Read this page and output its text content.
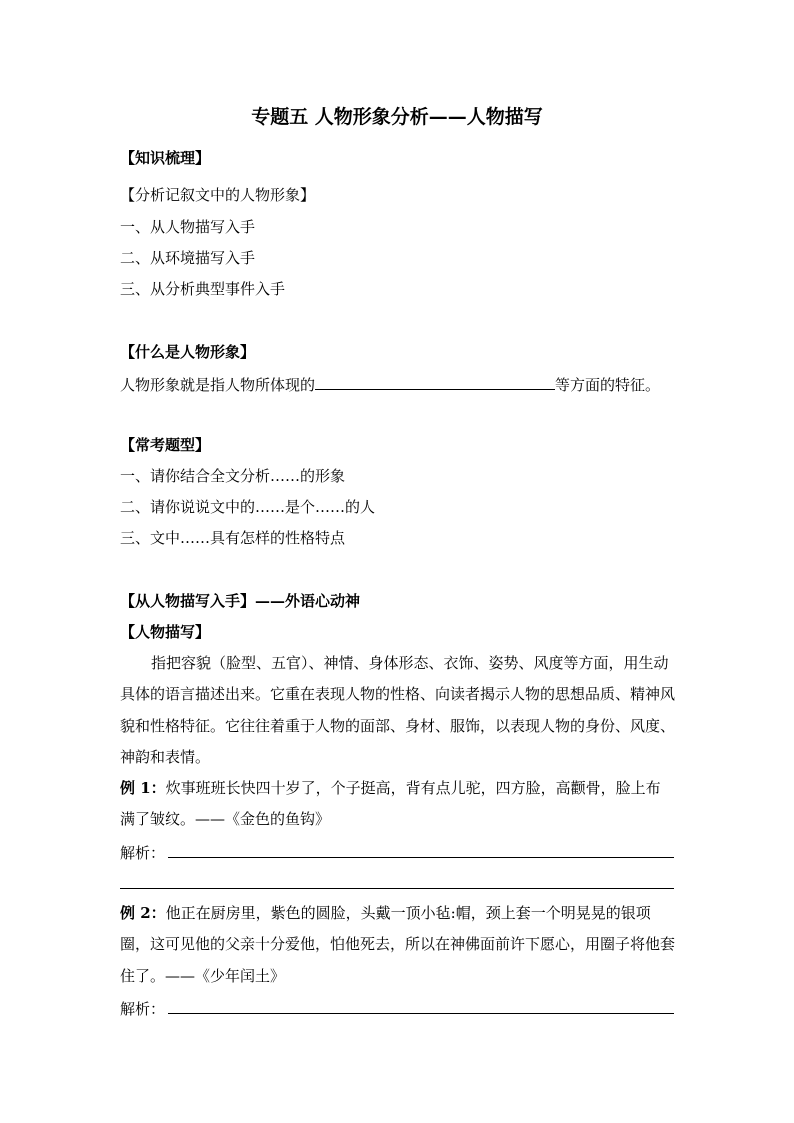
专题五 人物形象分析——人物描写
【知识梳理】
【分析记叙文中的人物形象】
一、从人物描写入手
二、从环境描写入手
三、从分析典型事件入手
【什么是人物形象】
人物形象就是指人物所体现的	等方面的特征。
【常考题型】
一、请你结合全文分析……的形象
二、请你说说文中的……是个……的人
三、文中……具有怎样的性格特点
【从人物描写入手】——外语心动神
【人物描写】
指把容貌（脸型、五官）、神情、身体形态、衣饰、姿势、风度等方面，用生动具体的语言描述出来。它重在表现人物的性格、向读者揭示人物的思想品质、精神风貌和性格特征。它往往着重于人物的面部、身材、服饰，以表现人物的身份、风度、神韵和表情。
例 1：炊事班班长快四十岁了，个子挺高，背有点儿驼，四方脸，高颧骨，脸上布满了皱纹。——《金色的鱼钩》
解析：
例 2：他正在厨房里，紫色的圆脸，头戴一顶小毡:帽，颈上套一个明晃晃的银项圈，这可见他的父亲十分爱他，怕他死去，所以在神佛面前许下愿心，用圈子将他套住了。——《少年闰土》
解析：
